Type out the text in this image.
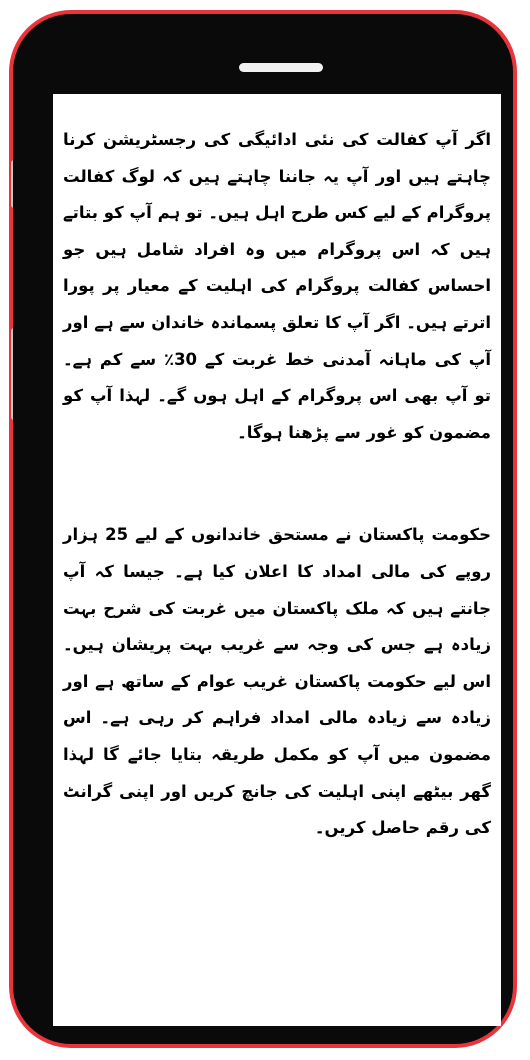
اگر آپ کفالت کی نئی ادائیگی کی رجسٹریشن کرنا چاہتے ہیں اور آپ یہ جاننا چاہتے ہیں کہ لوگ کفالت پروگرام کے لیے کس طرح اہل ہیں۔ تو ہم آپ کو بتاتے ہیں کہ اس پروگرام میں وہ افراد شامل ہیں جو احساس کفالت پروگرام کی اہلیت کے معیار پر پورا اترتے ہیں۔ اگر آپ کا تعلق پسماندہ خاندان سے ہے اور آپ کی ماہانہ آمدنی خط غربت کے 30٪ سے کم ہے۔ تو آپ بھی اس پروگرام کے اہل ہوں گے۔ لہذا آپ کو مضمون کو غور سے پڑھنا ہوگا۔

حکومت پاکستان نے مستحق خاندانوں کے لیے 25 ہزار روپے کی مالی امداد کا اعلان کیا ہے۔ جیسا کہ آپ جانتے ہیں کہ ملک پاکستان میں غربت کی شرح بہت زیادہ ہے جس کی وجہ سے غریب بہت پریشان ہیں۔ اس لیے حکومت پاکستان غریب عوام کے ساتھ ہے اور زیادہ سے زیادہ مالی امداد فراہم کر رہی ہے۔ اس مضمون میں آپ کو مکمل طریقہ بتایا جائے گا لہذا گھر بیٹھے اپنی اہلیت کی جانچ کریں اور اپنی گرانٹ کی رقم حاصل کریں۔
